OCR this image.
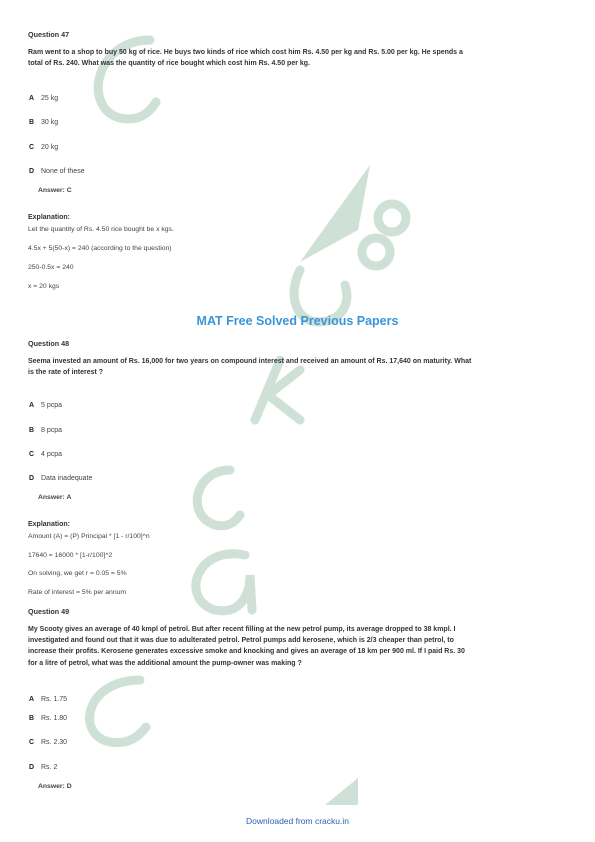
Question 47
Ram went to a shop to buy 50 kg of rice. He buys two kinds of rice which cost him Rs. 4.50 per kg and Rs. 5.00 per kg. He spends a
total of Rs. 240. What was the quantity of rice bought which cost him Rs. 4.50 per kg.
A 25 kg
B 30 kg
C 20 kg
D None of these
Answer: C
Explanation:
Let the quantity of Rs. 4.50 rice bought be x kgs.
4.5x + 5(50-x) = 240 (according to the question)
250-0.5x = 240
x = 20 kgs
MAT Free Solved Previous Papers
Question 48
Seema invested an amount of Rs. 16,000 for two years on compound interest and received an amount of Rs. 17,640 on maturity. What
is the rate of interest ?
A 5 pcpa
B 8 pcpa
C 4 pcpa
D Data inadequate
Answer: A
Explanation:
Amount (A) = (P) Principal * [1 - r/100]^n
17640 = 16000 * [1-r/100]^2
On solving, we get r = 0.05 = 5%
Rate of interest = 5% per annum
Question 49
My Scooty gives an average of 40 kmpl of petrol. But after recent filling at the new petrol pump, its average dropped to 38 kmpl. I
investigated and found out that it was due to adulterated petrol. Petrol pumps add kerosene, which is 2/3 cheaper than petrol, to
increase their profits. Kerosene generates excessive smoke and knocking and gives an average of 18 km per 900 ml. If I paid Rs. 30
for a litre of petrol, what was the additional amount the pump-owner was making ?
A Rs. 1.75
B Rs. 1.80
C Rs. 2.30
D Rs. 2
Answer: D
Downloaded from cracku.in
